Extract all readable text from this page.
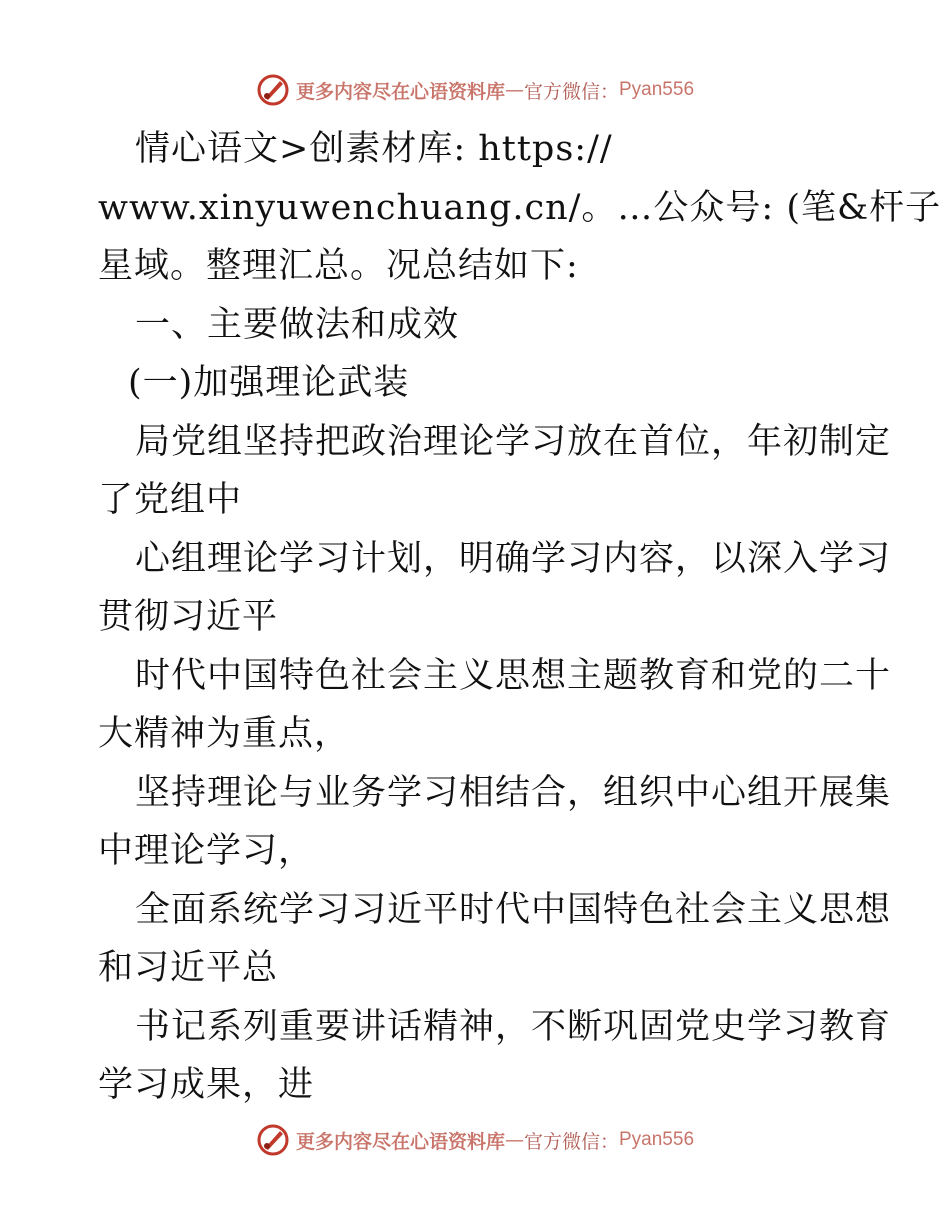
更多内容尽在心语资料库 — 官方微信： Pyan556
情心语文>创素材库: https://
www.xinyuwenchuang.cn/。…公众号: (笔&杆子
星域。整理汇总。况总结如下:
一、主要做法和成效
(一)加强理论武装
局党组坚持把政治理论学习放在首位，年初制定
了党组中
心组理论学习计划，明确学习内容，以深入学习
贯彻习近平
时代中国特色社会主义思想主题教育和党的二十
大精神为重点，
坚持理论与业务学习相结合，组织中心组开展集
中理论学习，
全面系统学习习近平时代中国特色社会主义思想
和习近平总
书记系列重要讲话精神，不断巩固党史学习教育
学习成果，进
更多内容尽在心语资料库 — 官方微信： Pyan556
